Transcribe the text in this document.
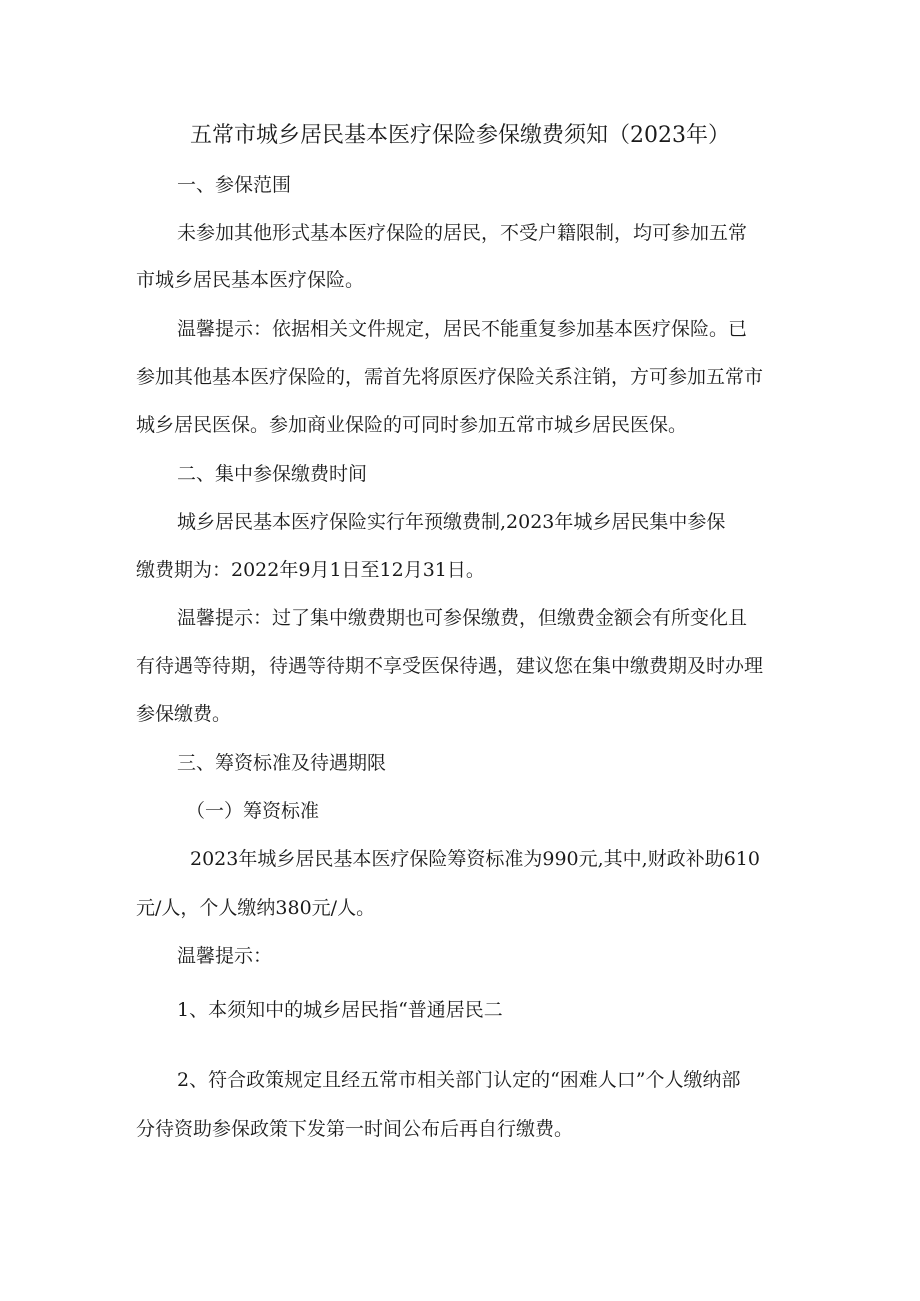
五常市城乡居民基本医疗保险参保缴费须知（2023年）
一、参保范围
未参加其他形式基本医疗保险的居民，不受户籍限制，均可参加五常
市城乡居民基本医疗保险。
温馨提示：依据相关文件规定，居民不能重复参加基本医疗保险。已
参加其他基本医疗保险的，需首先将原医疗保险关系注销，方可参加五常市
城乡居民医保。参加商业保险的可同时参加五常市城乡居民医保。
二、集中参保缴费时间
城乡居民基本医疗保险实行年预缴费制,2023年城乡居民集中参保
缴费期为：2022年9月1日至12月31日。
温馨提示：过了集中缴费期也可参保缴费，但缴费金额会有所变化且
有待遇等待期，待遇等待期不享受医保待遇，建议您在集中缴费期及时办理
参保缴费。
三、筹资标准及待遇期限
（一）筹资标准
2023年城乡居民基本医疗保险筹资标准为990元,其中,财政补助610
元/人，个人缴纳380元/人。
温馨提示：
1、本须知中的城乡居民指“普通居民二
2、符合政策规定且经五常市相关部门认定的“困难人口”个人缴纳部
分待资助参保政策下发第一时间公布后再自行缴费。
